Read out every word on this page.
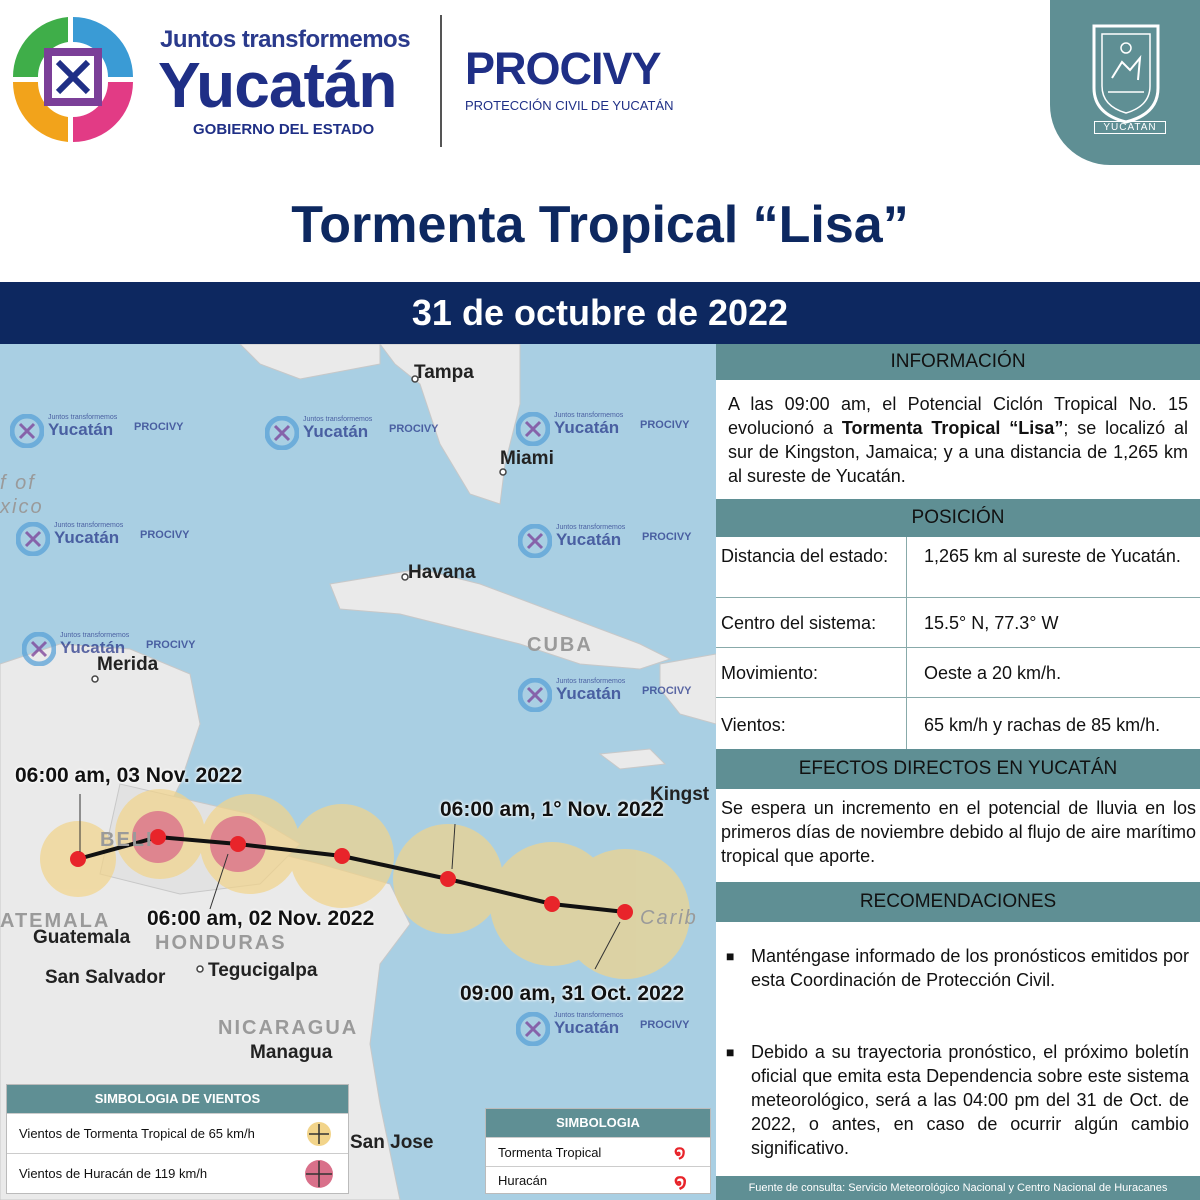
Juntos transformemos
Yucatán
GOBIERNO DEL ESTADO
PROCIVY
PROTECCIÓN CIVIL DE YUCATÁN
YUCATAN
Tormenta Tropical “Lisa”
31 de octubre de 2022
Tampa
Miami
Havana
Merida
Guatemala
San Salvador Tegucigalpa
Managua
San Jose
Kingst
CUBA
HONDURAS
NICARAGUA
ATEMALA
BELI
f of
xico
Carib
Juntos transformemos
Yucatán PROCIVY
Juntos transformemos
Yucatán PROCIVY
Juntos transformemos
Yucatán PROCIVY
Juntos transformemos
Yucatán PROCIVY
Juntos transformemos
Yucatán PROCIVY
Juntos transformemos
Yucatán PROCIVY
Juntos transformemos
Yucatán PROCIVY
Juntos transformemos
Yucatán PROCIVY
06:00 am, 03 Nov. 2022
06:00 am, 1° Nov. 2022
06:00 am, 02 Nov. 2022
09:00 am, 31 Oct. 2022
SIMBOLOGIA DE VIENTOS
Vientos de Tormenta Tropical de 65 km/h
Vientos de Huracán de 119 km/h
SIMBOLOGIA
Tormenta Tropical	໑
Huracán	໑
INFORMACIÓN
A las 09:00 am, el Potencial Ciclón Tropical No. 15 evolucionó a Tormenta Tropical “Lisa”; se localizó al sur de Kingston, Jamaica; y a una distancia de 1,265 km al sureste de Yucatán.
POSICIÓN
Distancia del estado:	1,265 km al sureste de Yucatán.
Centro del sistema:	15.5° N, 77.3° W
Movimiento:	Oeste a 20 km/h.
Vientos:	65 km/h y rachas de 85 km/h.
EFECTOS DIRECTOS EN YUCATÁN
Se espera un incremento en el potencial de lluvia en los primeros días de noviembre debido al flujo de aire marítimo tropical que aporte.
RECOMENDACIONES
■ Manténgase informado de los pronósticos emitidos por esta Coordinación de Protección Civil.
■ Debido a su trayectoria pronóstico, el próximo boletín oficial que emita esta Dependencia sobre este sistema meteorológico, será a las 04:00 pm del 31 de Oct. de 2022, o antes, en caso de ocurrir algún cambio significativo.
Fuente de consulta: Servicio Meteorológico Nacional y Centro Nacional de Huracanes
